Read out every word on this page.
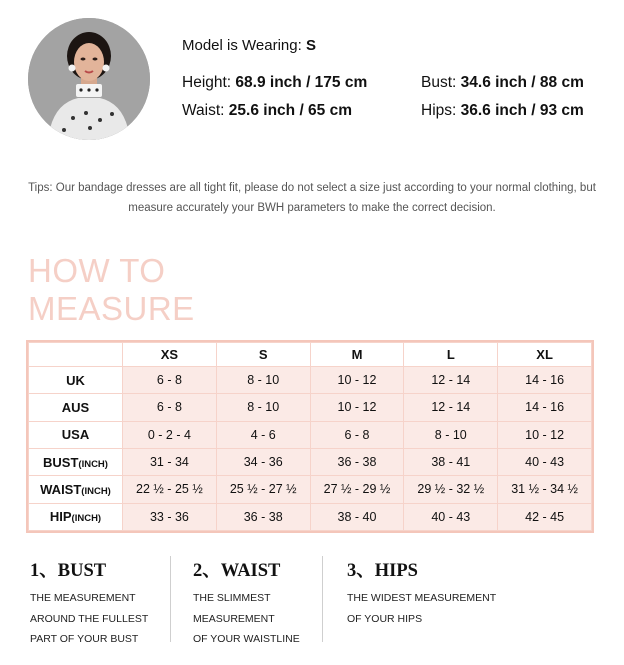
Model is Wearing: S
Height: 68.9 inch / 175 cm
Waist: 25.6 inch / 65 cm
Bust: 34.6 inch / 88 cm
Hips: 36.6 inch / 93 cm
Tips: Our bandage dresses are all tight fit, please do not select a size just according to your normal clothing, but measure accurately your BWH parameters to make the correct decision.
HOW TO
MEASURE
	XS	S	M	L	XL
UK	6 - 8	8 - 10	10 - 12	12 - 14	14 - 16
AUS	6 - 8	8 - 10	10 - 12	12 - 14	14 - 16
USA	0 - 2 - 4	4 - 6	6 - 8	8 - 10	10 - 12
BUST(INCH)	31 - 34	34 - 36	36 - 38	38 - 41	40 - 43
WAIST(INCH)	22 ½ - 25 ½	25 ½ - 27 ½	27 ½ - 29 ½	29 ½ - 32 ½	31 ½ - 34 ½
HIP(INCH)	33 - 36	36 - 38	38 - 40	40 - 43	42 - 45
1、BUST
THE MEASUREMENT
AROUND THE FULLEST
PART OF YOUR BUST
2、WAIST
THE SLIMMEST
MEASUREMENT
OF YOUR WAISTLINE
3、HIPS
THE WIDEST MEASUREMENT
OF YOUR HIPS
